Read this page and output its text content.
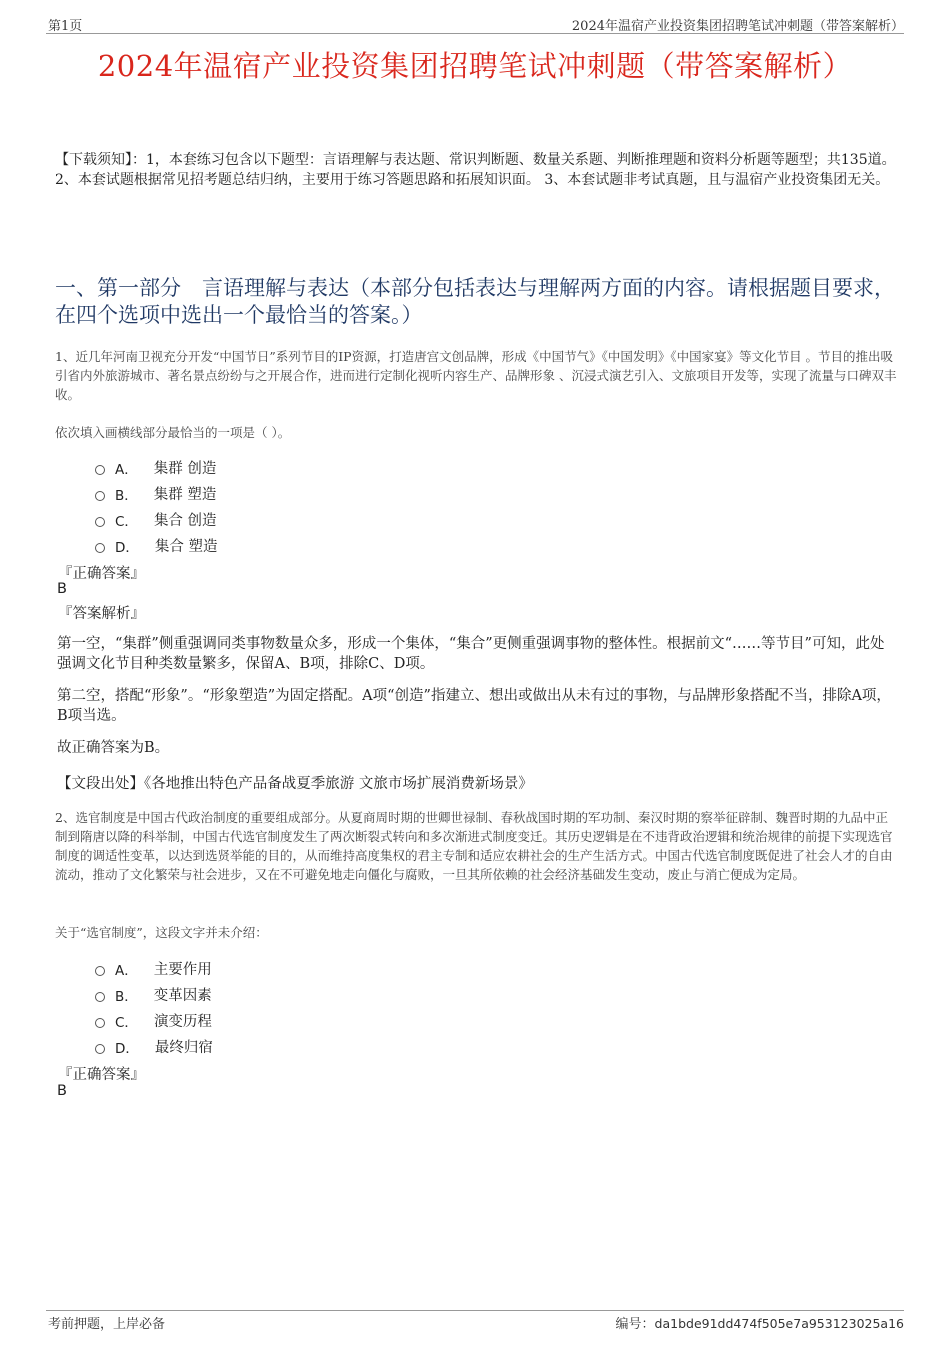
第1页	2024年温宿产业投资集团招聘笔试冲刺题（带答案解析）
2024年温宿产业投资集团招聘笔试冲刺题（带答案解析）
【下载须知】：1，本套练习包含以下题型：言语理解与表达题、常识判断题、数量关系题、判断推理题和资料分析题等题型；共135道。 2、本套试题根据常见招考题总结归纳，主要用于练习答题思路和拓展知识面。 3、本套试题非考试真题，且与温宿产业投资集团无关。
一、第一部分　言语理解与表达（本部分包括表达与理解两方面的内容。请根据题目要求，在四个选项中选出一个最恰当的答案。）
1、近几年河南卫视充分开发“中国节日”系列节目的IP资源，打造唐宫文创品牌，形成《中国节气》《中国发明》《中国家宴》等文化节目 。节目的推出吸引省内外旅游城市、著名景点纷纷与之开展合作，进而进行定制化视听内容生产、品牌形象 、沉浸式演艺引入、文旅项目开发等，实现了流量与口碑双丰收。
依次填入画横线部分最恰当的一项是（ ）。
A． 集群 创造
B． 集群 塑造
C． 集合 创造
D． 集合 塑造
『正确答案』
B
『答案解析』
第一空，“集群”侧重强调同类事物数量众多，形成一个集体，“集合”更侧重强调事物的整体性。根据前文“……等节目”可知，此处强调文化节目种类数量繁多，保留A、B项，排除C、D项。
第二空，搭配“形象”。“形象塑造”为固定搭配。A项“创造”指建立、想出或做出从未有过的事物，与品牌形象搭配不当，排除A项，B项当选。
故正确答案为B。
【文段出处】《各地推出特色产品备战夏季旅游 文旅市场扩展消费新场景》
2、选官制度是中国古代政治制度的重要组成部分。从夏商周时期的世卿世禄制、春秋战国时期的军功制、秦汉时期的察举征辟制、魏晋时期的九品中正制到隋唐以降的科举制，中国古代选官制度发生了两次断裂式转向和多次渐进式制度变迁。其历史逻辑是在不违背政治逻辑和统治规律的前提下实现选官制度的调适性变革，以达到选贤举能的目的，从而维持高度集权的君主专制和适应农耕社会的生产生活方式。中国古代选官制度既促进了社会人才的自由流动，推动了文化繁荣与社会进步，又在不可避免地走向僵化与腐败，一旦其所依赖的社会经济基础发生变动，废止与消亡便成为定局。
关于“选官制度”，这段文字并未介绍：
A． 主要作用
B． 变革因素
C． 演变历程
D． 最终归宿
『正确答案』
B
考前押题，上岸必备	编号：da1bde91dd474f505e7a953123025a16
